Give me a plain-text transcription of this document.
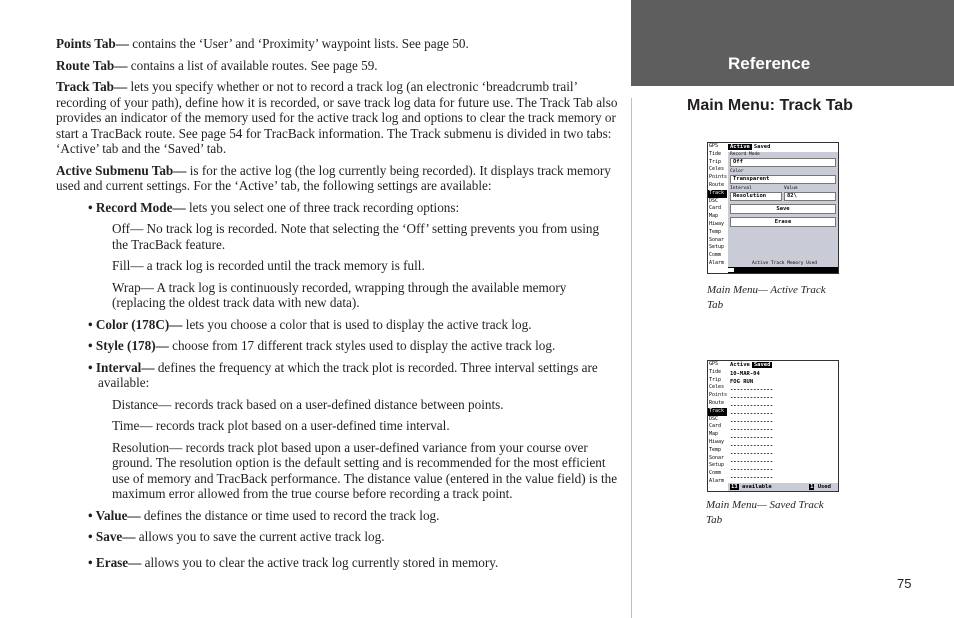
Points Tab— contains the ‘User’ and ‘Proximity’ waypoint lists. See page 50.

Route Tab— contains a list of available routes. See page 59.

Track Tab— lets you specify whether or not to record a track log (an electronic ‘breadcrumb trail’ recording of your path), define how it is recorded, or save track log data for future use. The Track Tab also provides an indicator of the memory used for the active track log and options to clear the track memory or start a TracBack route. See page 54 for TracBack information. The Track submenu is divided in two tabs: ‘Active’ tab and the ‘Saved’ tab.

Active Submenu Tab— is for the active log (the log currently being recorded). It displays track memory used and current settings. For the ‘Active’ tab, the following settings are available:

• Record Mode— lets you select one of three track recording options:

Off— No track log is recorded. Note that selecting the ‘Off’ setting prevents you from using the TracBack feature.

Fill— a track log is recorded until the track memory is full.

Wrap— A track log is continuously recorded, wrapping through the available memory (replacing the oldest track data with new data).

• Color (178C)— lets you choose a color that is used to display the active track log.

• Style (178)— choose from 17 different track styles used to display the active track log.

• Interval— defines the frequency at which the track plot is recorded. Three interval settings are available:

Distance— records track based on a user-defined distance between points.

Time— records track plot based on a user-defined time interval.

Resolution— records track plot based upon a user-defined variance from your course over ground. The resolution option is the default setting and is recommended for the most efficient use of memory and TracBack performance. The distance value (entered in the value field) is the maximum error allowed from the true course before recording a track point.

• Value— defines the distance or time used to record the track log.

• Save— allows you to save the current active track log.

• Erase— allows you to clear the active track log currently stored in memory.

Reference
Main Menu: Track Tab
GPS
Tide
Trip
Celes
Points
Route
Track
DSC
Card
Map
Hiway
Temp
Sonar
Setup
Comm
Alarm
Active Saved
Record Mode
Off
Color
Transparent
Interval	Value
Resolution	82\
Save
Erase
Active Track Memory Used
Main Menu— Active Track Tab
GPS
Tide
Trip
Celes
Points
Route
Track
DSC
Card
Map
Hiway
Temp
Sonar
Setup
Comm
Alarm
Active Saved
10-MAR-04
FOG RUN
-------------
-------------
-------------
-------------
-------------
-------------
-------------
-------------
-------------
-------------
-------------
-------------
13 available	1 Used
Main Menu— Saved Track Tab
75
